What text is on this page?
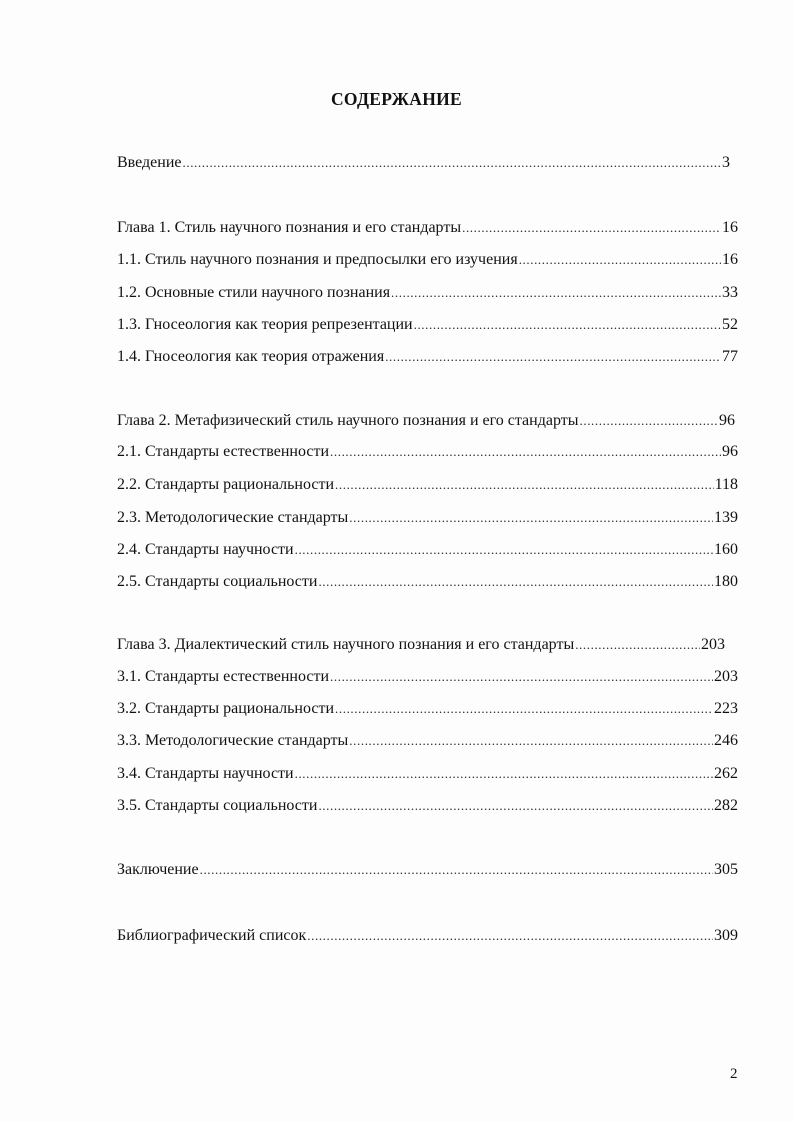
СОДЕРЖАНИЕ
Введение .....	3
Глава 1. Стиль научного познания и его стандарты .....	16
1.1. Стиль научного познания и предпосылки его изучения .....	16
1.2. Основные стили научного познания .....	33
1.3. Гносеология как теория репрезентации .....	52
1.4. Гносеология как теория отражения .....	77
Глава 2. Метафизический стиль научного познания и его стандарты .....	96
2.1. Стандарты естественности .....	96
2.2. Стандарты рациональности .....	118
2.3. Методологические стандарты .....	139
2.4. Стандарты научности .....	160
2.5. Стандарты социальности .....	180
Глава 3. Диалектический стиль научного познания и его стандарты .....	203
3.1. Стандарты естественности .....	203
3.2. Стандарты рациональности .....	223
3.3. Методологические стандарты .....	246
3.4. Стандарты научности .....	262
3.5. Стандарты социальности .....	282
Заключение .....	305
Библиографический список .....	309
2
